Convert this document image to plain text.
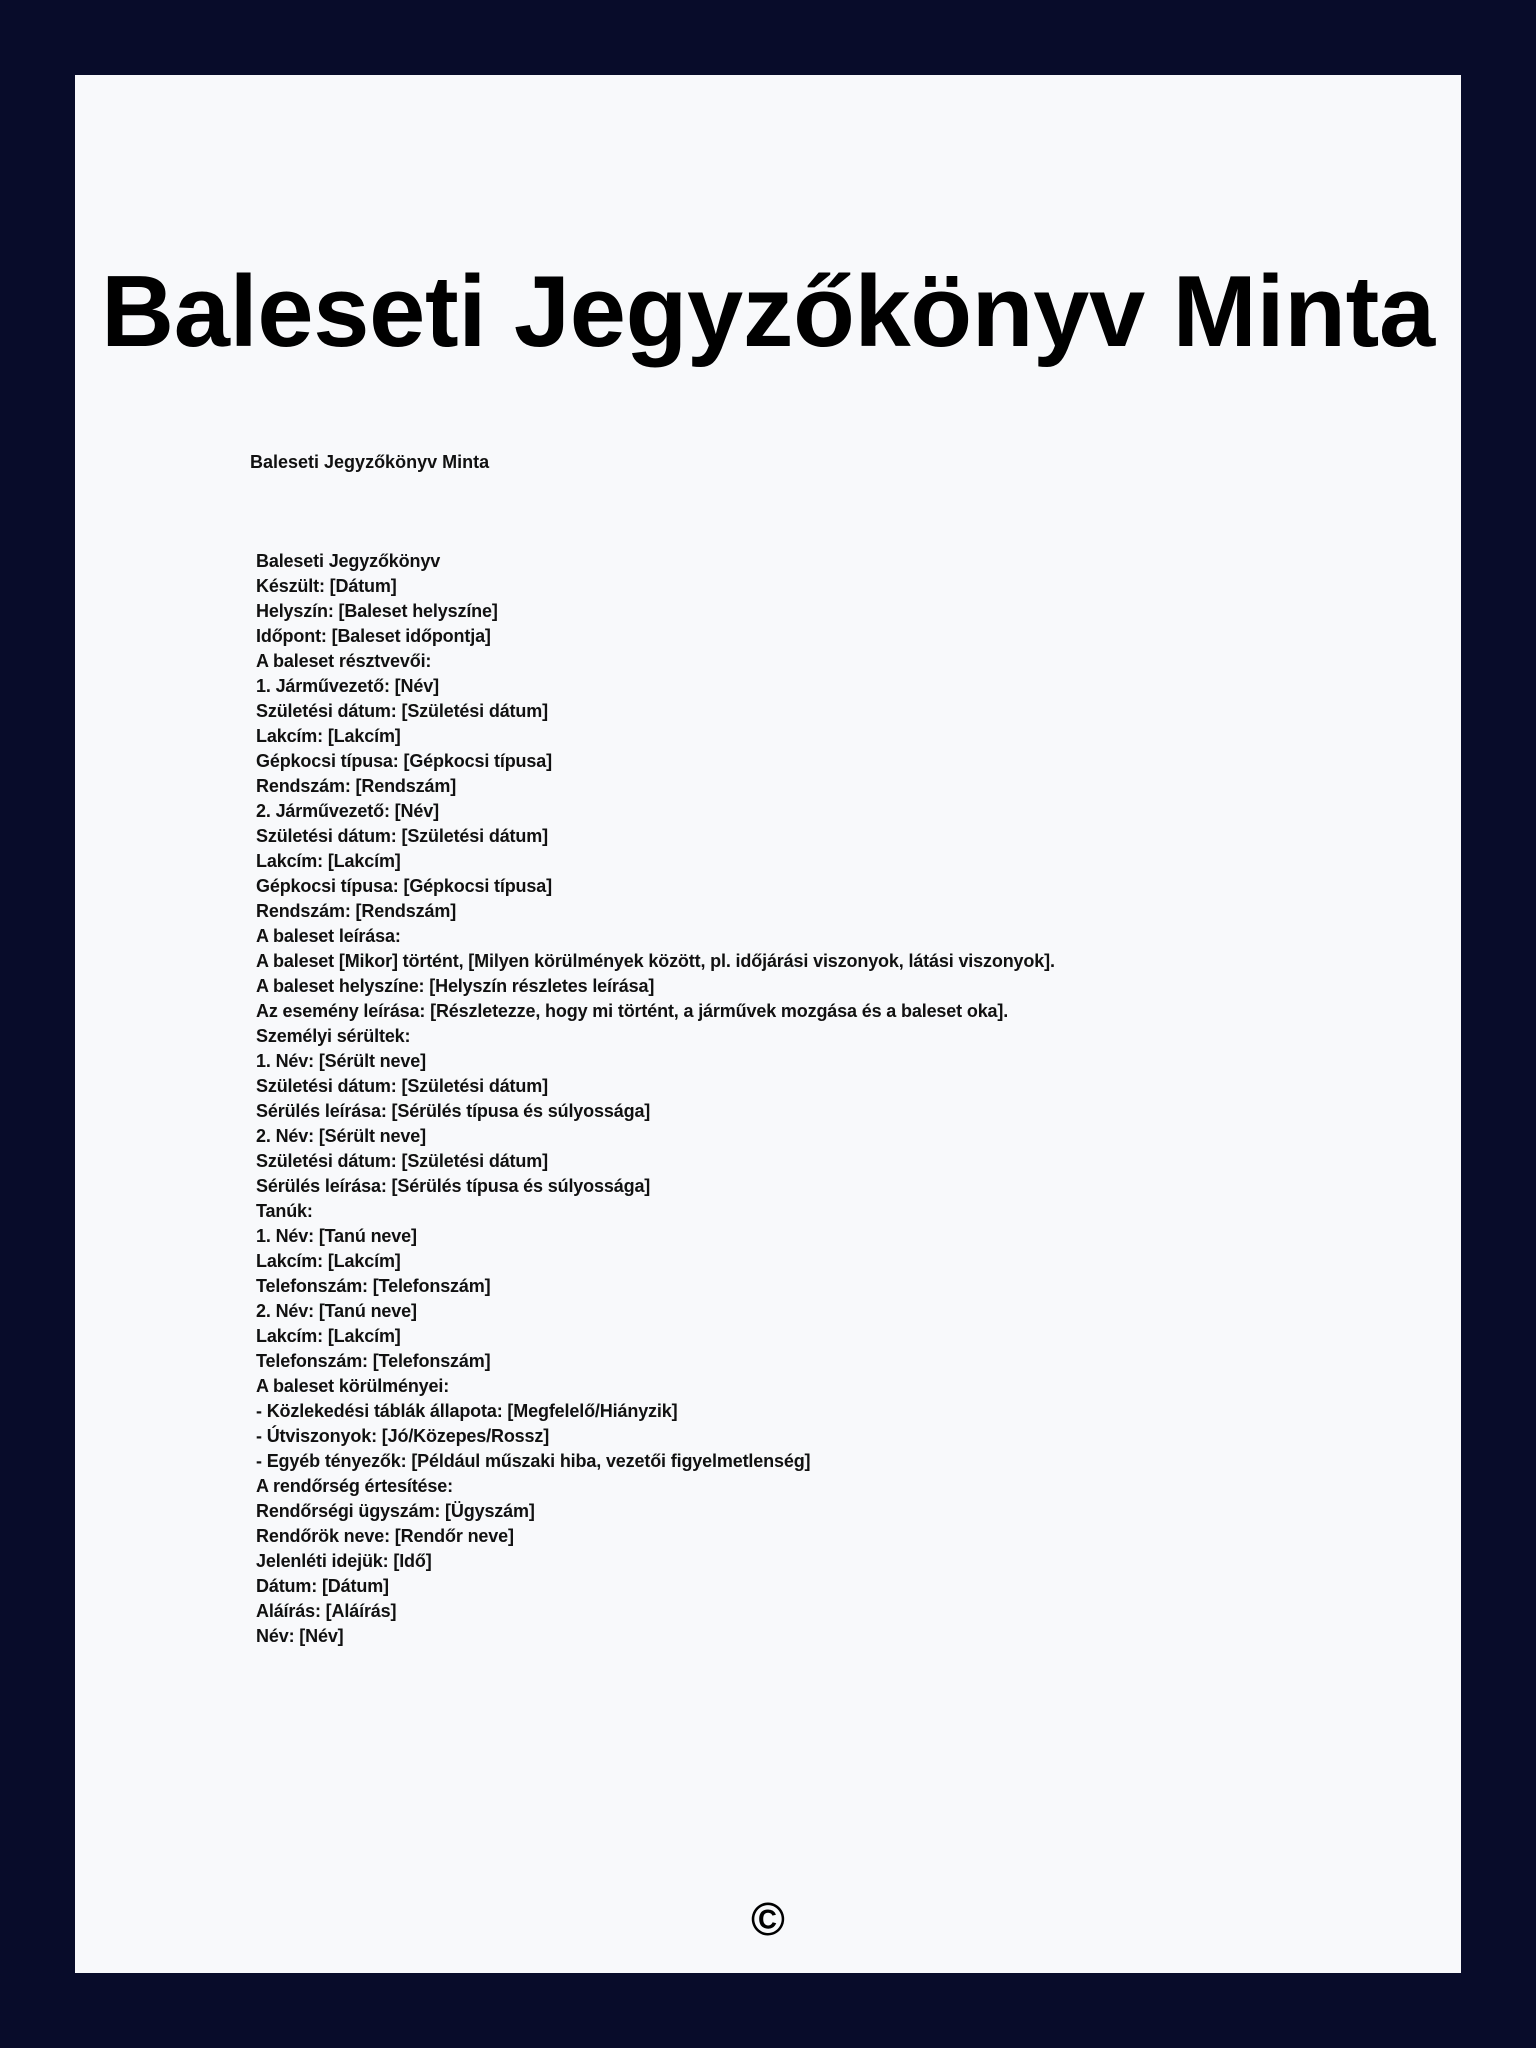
Baleseti Jegyzőkönyv Minta
Baleseti Jegyzőkönyv Minta
Baleseti Jegyzőkönyv
Készült: [Dátum]
Helyszín: [Baleset helyszíne]
Időpont: [Baleset időpontja]
A baleset résztvevői:
1. Járművezető: [Név]
Születési dátum: [Születési dátum]
Lakcím: [Lakcím]
Gépkocsi típusa: [Gépkocsi típusa]
Rendszám: [Rendszám]
2. Járművezető: [Név]
Születési dátum: [Születési dátum]
Lakcím: [Lakcím]
Gépkocsi típusa: [Gépkocsi típusa]
Rendszám: [Rendszám]
A baleset leírása:
A baleset [Mikor] történt, [Milyen körülmények között, pl. időjárási viszonyok, látási viszonyok].
A baleset helyszíne: [Helyszín részletes leírása]
Az esemény leírása: [Részletezze, hogy mi történt, a járművek mozgása és a baleset oka].
Személyi sérültek:
1. Név: [Sérült neve]
Születési dátum: [Születési dátum]
Sérülés leírása: [Sérülés típusa és súlyossága]
2. Név: [Sérült neve]
Születési dátum: [Születési dátum]
Sérülés leírása: [Sérülés típusa és súlyossága]
Tanúk:
1. Név: [Tanú neve]
Lakcím: [Lakcím]
Telefonszám: [Telefonszám]
2. Név: [Tanú neve]
Lakcím: [Lakcím]
Telefonszám: [Telefonszám]
A baleset körülményei:
- Közlekedési táblák állapota: [Megfelelő/Hiányzik]
- Útviszonyok: [Jó/Közepes/Rossz]
- Egyéb tényezők: [Például műszaki hiba, vezetői figyelmetlenség]
A rendőrség értesítése:
Rendőrségi ügyszám: [Ügyszám]
Rendőrök neve: [Rendőr neve]
Jelenléti idejük: [Idő]
Dátum: [Dátum]
Aláírás: [Aláírás]
Név: [Név]
©
